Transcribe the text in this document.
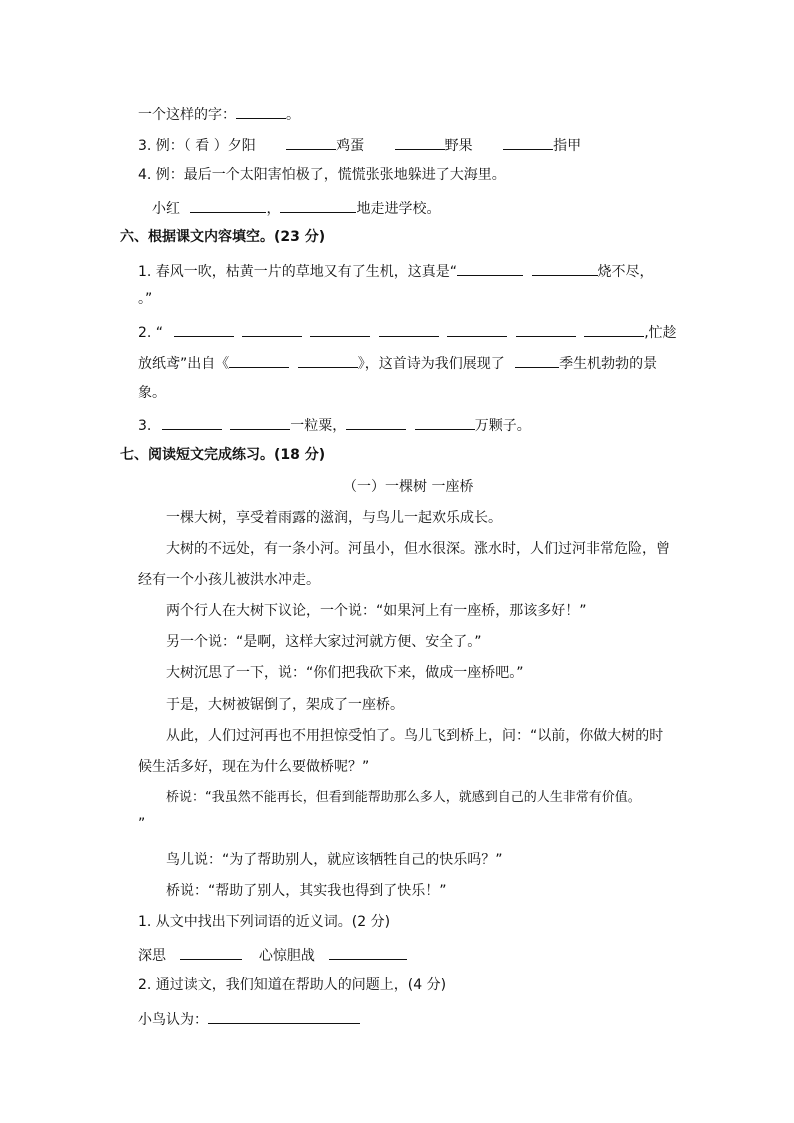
一个这样的字：	。
3. 例：（ 看 ）夕阳	鸡蛋	野果	指甲
4. 例：最后一个太阳害怕极了，慌慌张张地躲进了大海里。
小红	，	地走进学校。
六、根据课文内容填空。(23 分)
1. 春风一吹，枯黄一片的草地又有了生机，这真是“	烧不尽，
。”
2. “	,忙趁
放纸鸢”出自《	》，这首诗为我们展现了	季生机勃勃的景
象。
3.	一粒粟，	万颗子。
七、阅读短文完成练习。(18 分)
（一）一棵树 一座桥
一棵大树，享受着雨露的滋润，与鸟儿一起欢乐成长。
大树的不远处，有一条小河。河虽小，但水很深。涨水时，人们过河非常危险，曾
经有一个小孩儿被洪水冲走。
两个行人在大树下议论，一个说：“如果河上有一座桥，那该多好！”
另一个说：“是啊，这样大家过河就方便、安全了。”
大树沉思了一下，说：“你们把我砍下来，做成一座桥吧。”
于是，大树被锯倒了，架成了一座桥。
从此，人们过河再也不用担惊受怕了。鸟儿飞到桥上，问：“以前，你做大树的时
候生活多好，现在为什么要做桥呢？”
桥说：“我虽然不能再长，但看到能帮助那么多人，就感到自己的人生非常有价值。
”
鸟儿说：“为了帮助别人，就应该牺牲自己的快乐吗？”
桥说：“帮助了别人，其实我也得到了快乐！”
1. 从文中找出下列词语的近义词。(2 分)
深思	心惊胆战
2. 通过读文，我们知道在帮助人的问题上，(4 分)
小鸟认为：
